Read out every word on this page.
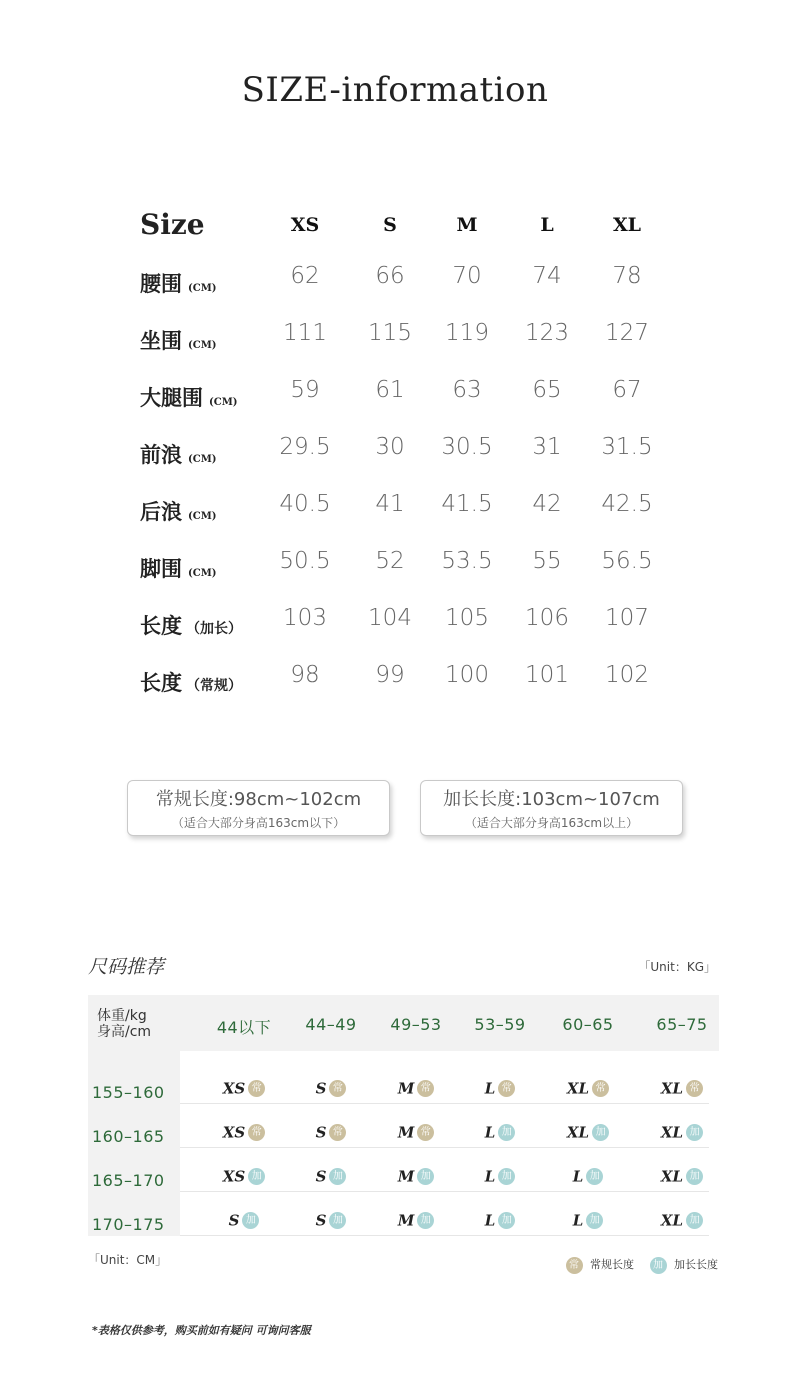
SIZE-information
Size	XS	S	M	L	XL
腰围 (CM)	62	66	70	74	78
坐围 (CM)	111	115	119	123	127
大腿围 (CM)	59	61	63	65	67
前浪 (CM)	29.5	30	30.5	31	31.5
后浪 (CM)	40.5	41	41.5	42	42.5
脚围 (CM)	50.5	52	53.5	55	56.5
长度 （加长）	103	104	105	106	107
长度 （常规）	98	99	100	101	102
常规长度:98cm~102cm
（适合大部分身高163cm以下）
加长长度:103cm~107cm
（适合大部分身高163cm以上）
尺码推荐	「Unit：KG」
体重/kg
身高/cm	44以下	44–49	49–53	53–59	60–65	65–75
155–160	XS 常	S 常	M 常	L 常	XL 常	XL 常
160–165	XS 常	S 常	M 常	L 加	XL 加	XL 加
165–170	XS 加	S 加	M 加	L 加	L 加	XL 加
170–175	S 加	S 加	M 加	L 加	L 加	XL 加
「Unit：CM」	常 常规长度 加 加长长度
*表格仅供参考，购买前如有疑问 可询问客服
